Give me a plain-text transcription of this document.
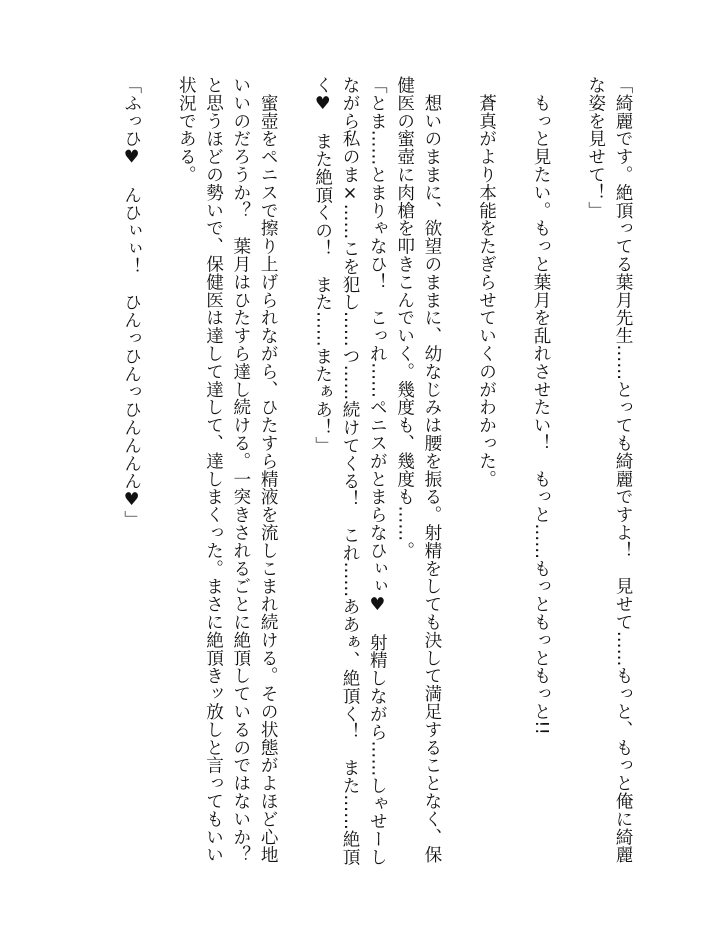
「綺麗です。絶頂ってる葉月先生……とっても綺麗ですよ！　見せて……もっと、もっと俺に綺麗な姿を見せて！」

　もっと見たい。もっと葉月を乱れさせたい！　もっと……もっともっともっと!!

　蒼真がより本能をたぎらせていくのがわかった。

　想いのままに、欲望のままに、幼なじみは腰を振る。射精をしても決して満足することなく、保健医の蜜壺に肉槍を叩きこんでいく。幾度も、幾度も……。

「とま……とまりゃなひ！　こっれ……ペニスがとまらなひぃぃ♥　射精しながら……しゃせーしながら私のま×……こを犯し……つ……続けてくる！　これ……ああぁ、絶頂く！　また……絶頂く♥　また絶頂くの！　また……またぁあ！」

　蜜壺をペニスで擦り上げられながら、ひたすら精液を流しこまれ続ける。その状態がよほど心地いいのだろうか？　葉月はひたすら達し続ける。一突きされるごとに絶頂しているのではないか？　と思うほどの勢いで、保健医は達して達して、達しまくった。まさに絶頂きッ放しと言ってもいい状況である。

「ふっひ♥　んひぃぃ！　ひんっひんっひんんんん♥」
